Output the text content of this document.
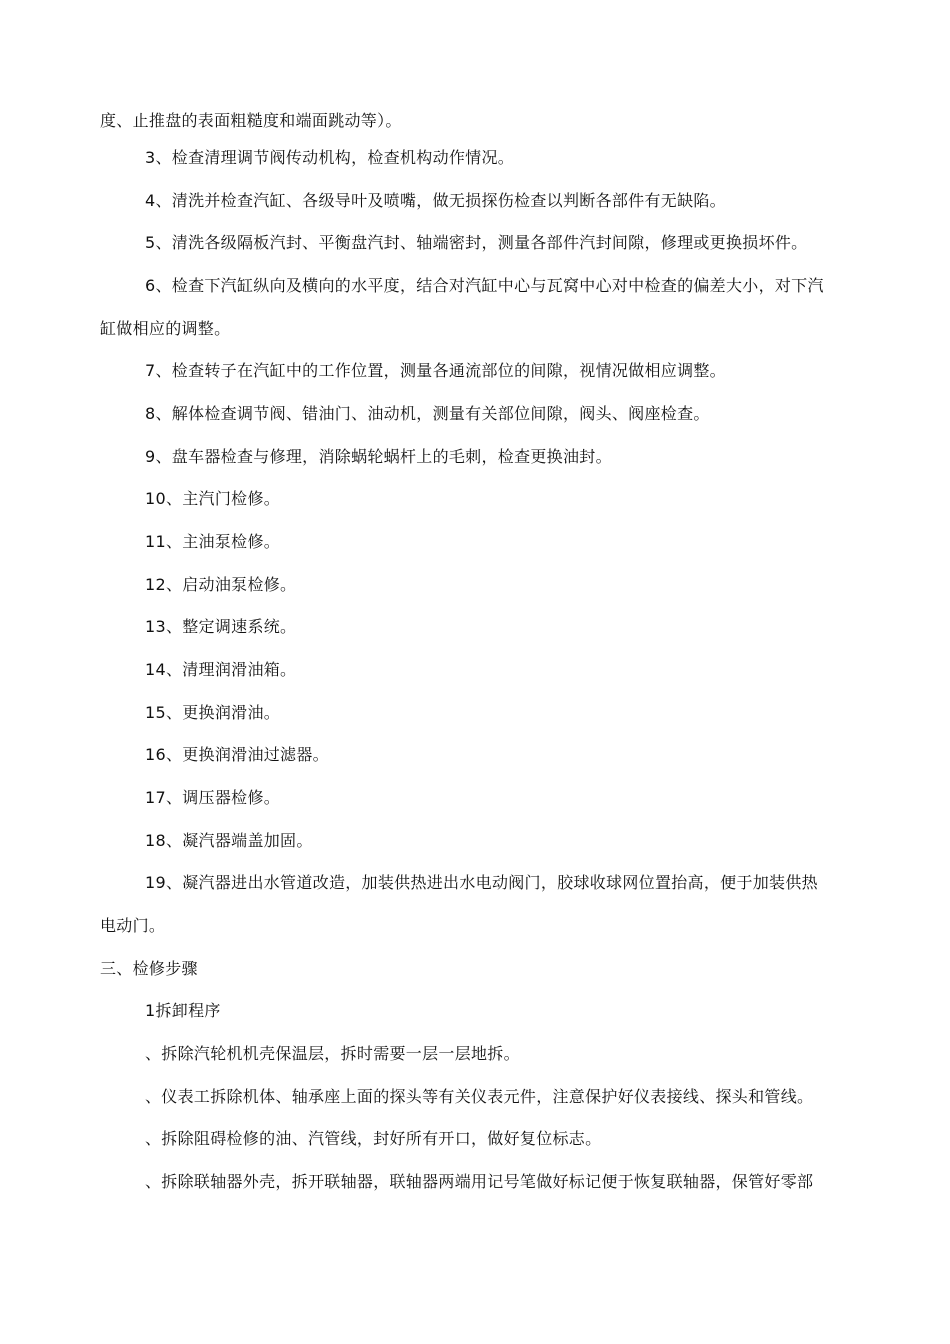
度、止推盘的表面粗糙度和端面跳动等）。
3、检查清理调节阀传动机构，检查机构动作情况。
4、清洗并检查汽缸、各级导叶及喷嘴，做无损探伤检查以判断各部件有无缺陷。
5、清洗各级隔板汽封、平衡盘汽封、轴端密封，测量各部件汽封间隙，修理或更换损坏件。
6、检查下汽缸纵向及横向的水平度，结合对汽缸中心与瓦窝中心对中检查的偏差大小，对下汽
缸做相应的调整。
7、检查转子在汽缸中的工作位置，测量各通流部位的间隙，视情况做相应调整。
8、解体检查调节阀、错油门、油动机，测量有关部位间隙，阀头、阀座检查。
9、盘车器检查与修理，消除蜗轮蜗杆上的毛刺，检查更换油封。
10、主汽门检修。
11、主油泵检修。
12、启动油泵检修。
13、整定调速系统。
14、清理润滑油箱。
15、更换润滑油。
16、更换润滑油过滤器。
17、调压器检修。
18、凝汽器端盖加固。
19、凝汽器进出水管道改造，加装供热进出水电动阀门，胶球收球网位置抬高，便于加装供热
电动门。
三、检修步骤
1拆卸程序
、拆除汽轮机机壳保温层，拆时需要一层一层地拆。
、仪表工拆除机体、轴承座上面的探头等有关仪表元件，注意保护好仪表接线、探头和管线。
、拆除阻碍检修的油、汽管线，封好所有开口，做好复位标志。
、拆除联轴器外壳，拆开联轴器，联轴器两端用记号笔做好标记便于恢复联轴器，保管好零部
